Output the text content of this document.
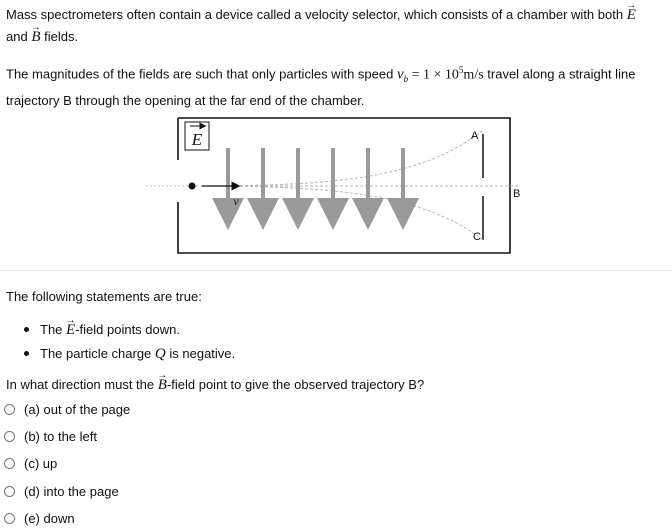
Mass spectrometers often contain a device called a velocity selector, which consists of a chamber with both → E
and → B fields.

The magnitudes of the fields are such that only particles with speed $v_b = 1 \times 10^5m/s$ travel along a straight line trajectory B through the opening at the far end of the chamber.

E
v
A
B
C

The following statements are true:

The → E-field points down.
The particle charge Q is negative.

In what direction must the → B-field point to give the observed trajectory B?

(a) out of the page
(b) to the left
(c) up
(d) into the page
(e) down
